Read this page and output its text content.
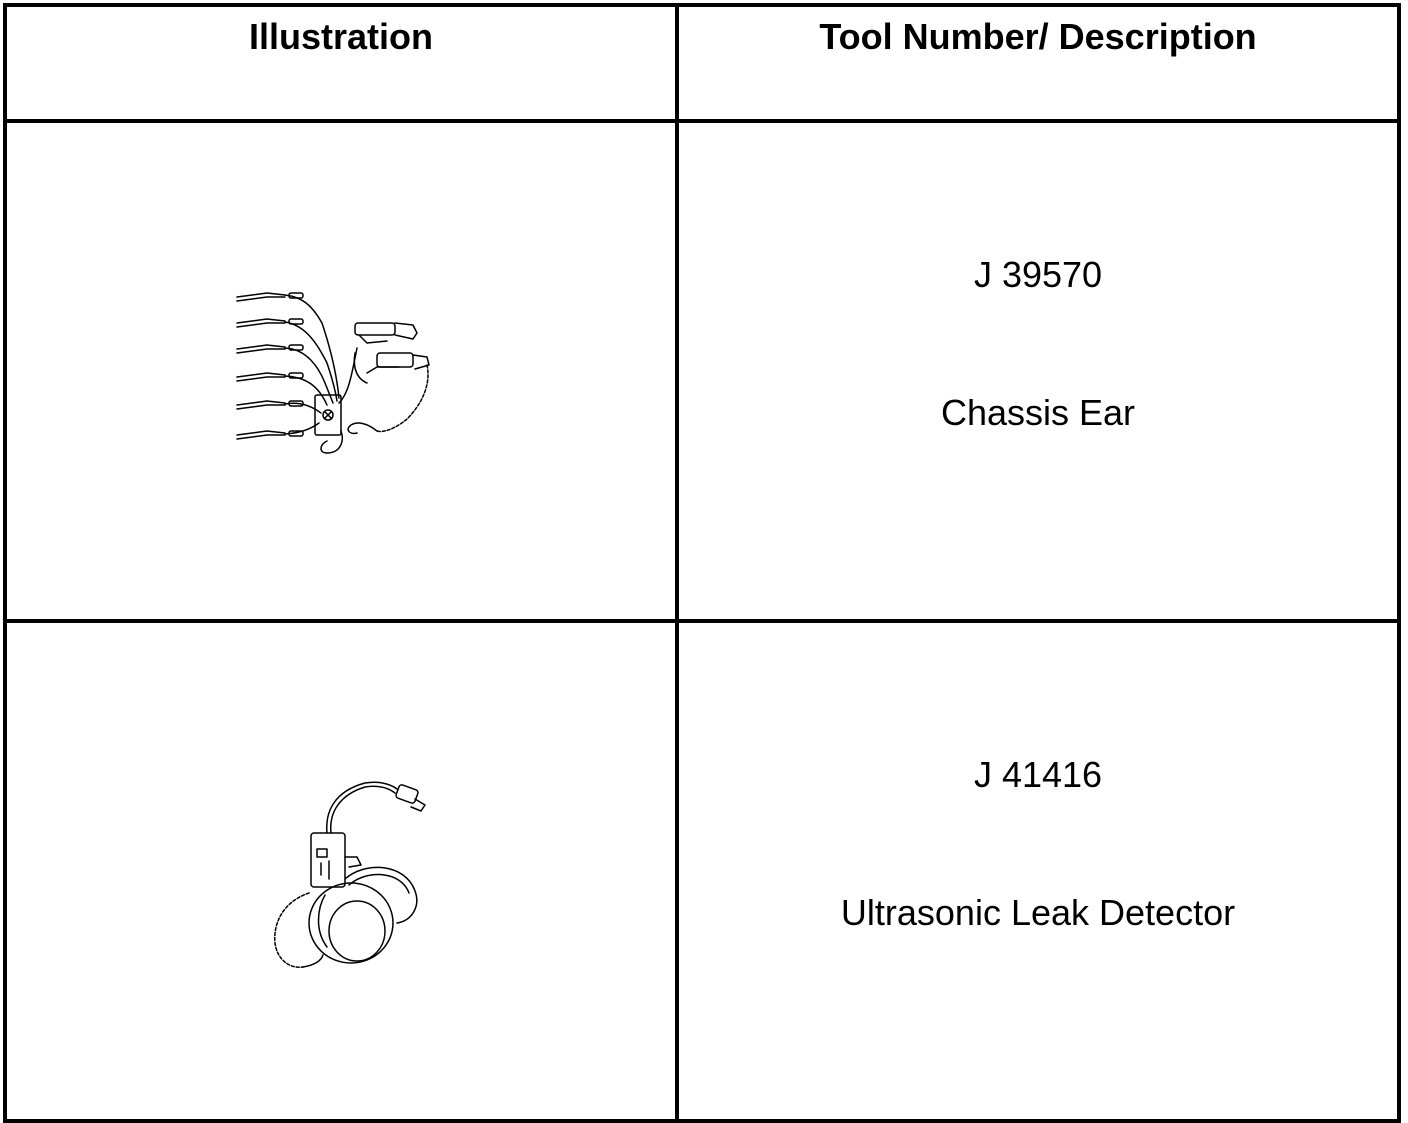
Illustration	Tool Number/ Description

J 39570
Chassis Ear

J 41416
Ultrasonic Leak Detector
